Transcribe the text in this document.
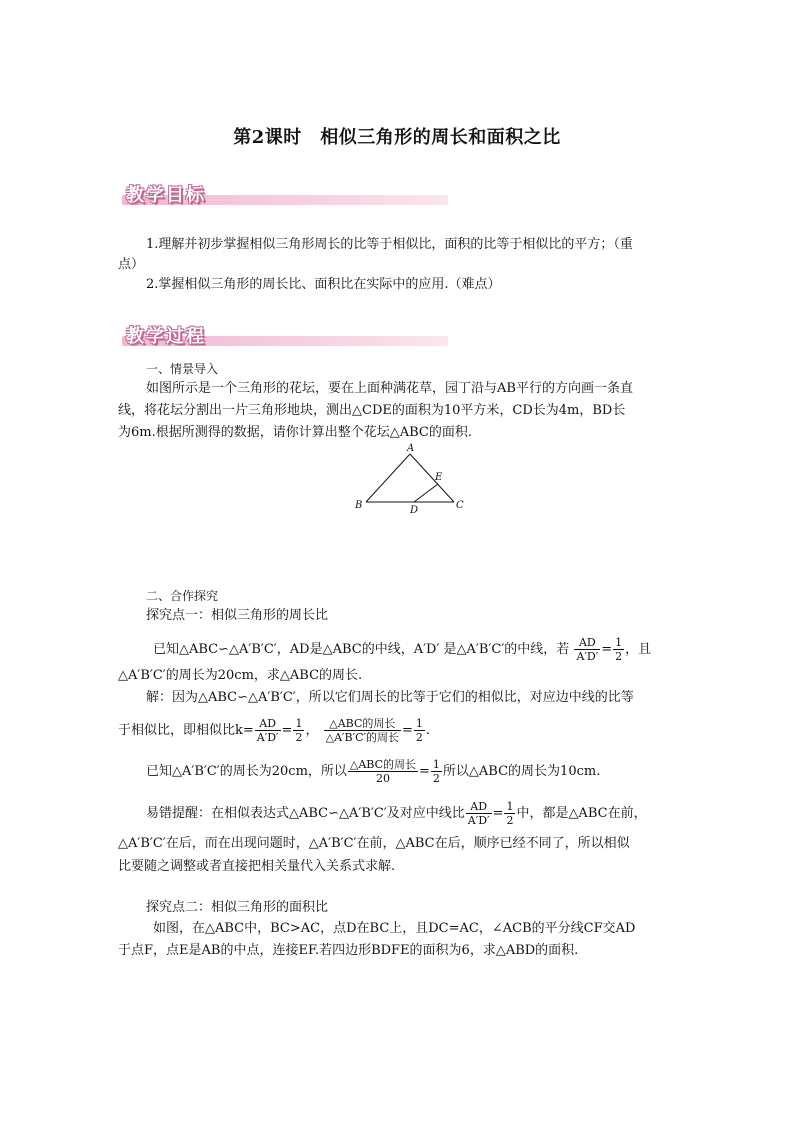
第2课时　相似三角形的周长和面积之比
教学目标
1.理解并初步掌握相似三角形周长的比等于相似比，面积的比等于相似比的平方；（重
点）
2.掌握相似三角形的周长比、面积比在实际中的应用.（难点）
教学过程
一、情景导入
如图所示是一个三角形的花坛，要在上面种满花草，园丁沿与AB平行的方向画一条直
线，将花坛分割出一片三角形地块，测出△CDE的面积为10平方米，CD长为4m，BD长
为6m.根据所测得的数据，请你计算出整个花坛△ABC的面积.
A
B	C
D
E
二、合作探究
探究点一：相似三角形的周长比
已知△ABC∽△A′B′C′，AD是△ABC的中线，A′D′ 是△A′B′C′的中线，若 $\frac{AD}{A'D'} = \frac{1}{2}$ ，且
△A′B′C′的周长为20cm，求△ABC的周长.
解：因为△ABC∽△A′B′C′，所以它们周长的比等于它们的相似比，对应边中线的比等
于相似比，即相似比$k= \frac{AD}{A'D'} = \frac{1}{2}$ ， $\frac{\text{△ABC的周长}}{\text{△A′B′C′的周长}} = \frac{1}{2}$ .
已知△A′B′C′的周长为20cm，所以 $\frac{\text{△ABC的周长}}{20} = \frac{1}{2}$ 所以△ABC的周长为10cm.
易错提醒：在相似表达式△ABC∽△A′B′C′及对应中线比 $\frac{AD}{A'D'} = \frac{1}{2}$ 中，都是△ABC在前，
△A′B′C′在后，而在出现问题时，△A′B′C′在前，△ABC在后，顺序已经不同了，所以相似
比要随之调整或者直接把相关量代入关系式求解.
探究点二：相似三角形的面积比
如图，在△ABC中，BC>AC，点D在BC上，且DC=AC，∠ACB的平分线CF交AD
于点F，点E是AB的中点，连接EF.若四边形BDFE的面积为6，求△ABD的面积.
